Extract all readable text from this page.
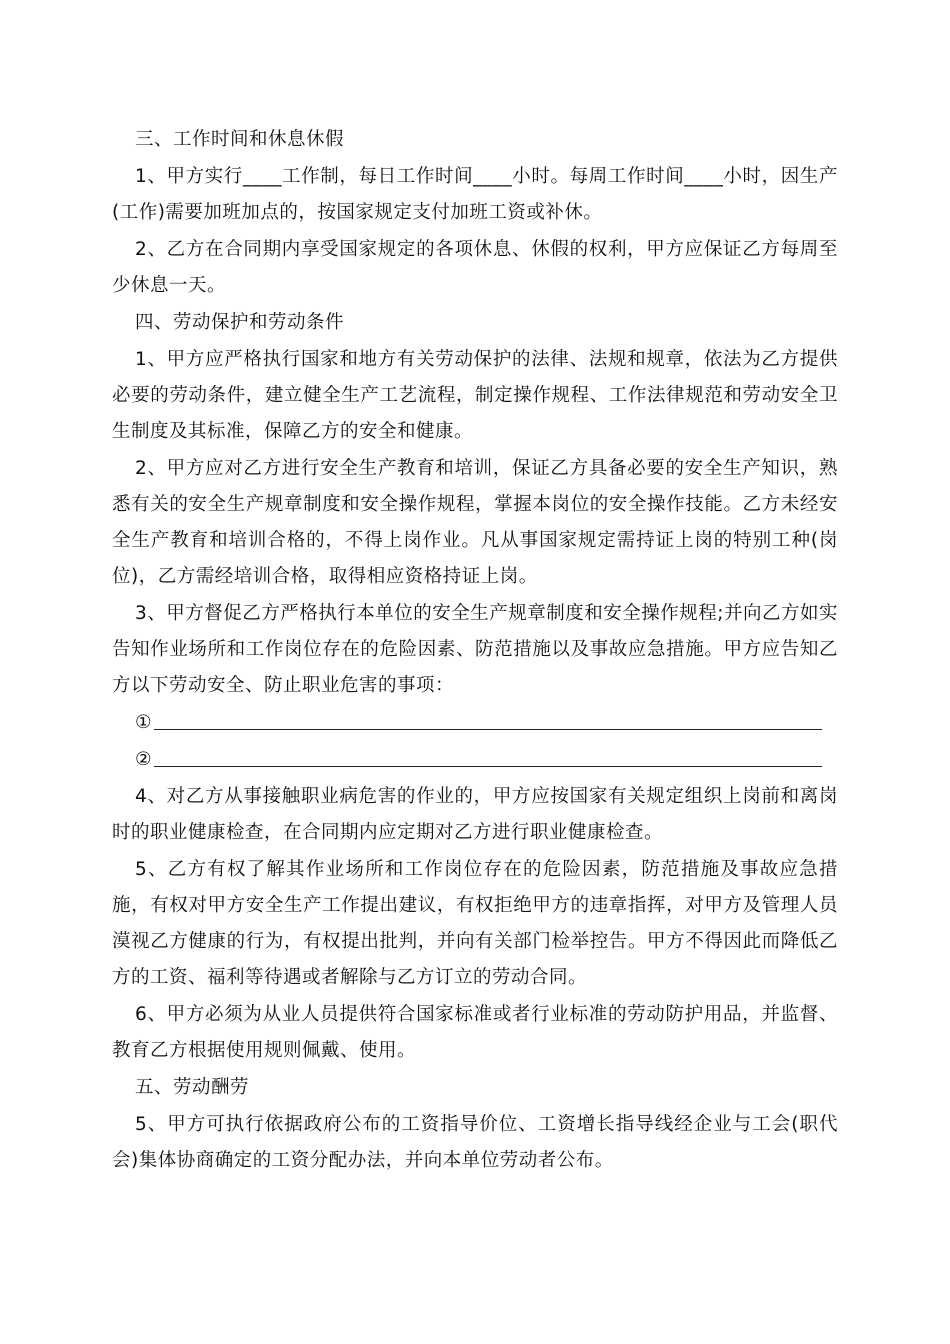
三、工作时间和休息休假
1、甲方实行____工作制，每日工作时间____小时。每周工作时间____小时，因生产(工作)需要加班加点的，按国家规定支付加班工资或补休。
2、乙方在合同期内享受国家规定的各项休息、休假的权利，甲方应保证乙方每周至少休息一天。
四、劳动保护和劳动条件
1、甲方应严格执行国家和地方有关劳动保护的法律、法规和规章，依法为乙方提供必要的劳动条件，建立健全生产工艺流程，制定操作规程、工作法律规范和劳动安全卫生制度及其标准，保障乙方的安全和健康。
2、甲方应对乙方进行安全生产教育和培训，保证乙方具备必要的安全生产知识，熟悉有关的安全生产规章制度和安全操作规程，掌握本岗位的安全操作技能。乙方未经安全生产教育和培训合格的，不得上岗作业。凡从事国家规定需持证上岗的特别工种(岗位)，乙方需经培训合格，取得相应资格持证上岗。
3、甲方督促乙方严格执行本单位的安全生产规章制度和安全操作规程;并向乙方如实告知作业场所和工作岗位存在的危险因素、防范措施以及事故应急措施。甲方应告知乙方以下劳动安全、防止职业危害的事项：
①
②
4、对乙方从事接触职业病危害的作业的，甲方应按国家有关规定组织上岗前和离岗时的职业健康检查，在合同期内应定期对乙方进行职业健康检查。
5、乙方有权了解其作业场所和工作岗位存在的危险因素，防范措施及事故应急措施，有权对甲方安全生产工作提出建议，有权拒绝甲方的违章指挥，对甲方及管理人员漠视乙方健康的行为，有权提出批判，并向有关部门检举控告。甲方不得因此而降低乙方的工资、福利等待遇或者解除与乙方订立的劳动合同。
6、甲方必须为从业人员提供符合国家标准或者行业标准的劳动防护用品，并监督、教育乙方根据使用规则佩戴、使用。
五、劳动酬劳
5、甲方可执行依据政府公布的工资指导价位、工资增长指导线经企业与工会(职代会)集体协商确定的工资分配办法，并向本单位劳动者公布。
